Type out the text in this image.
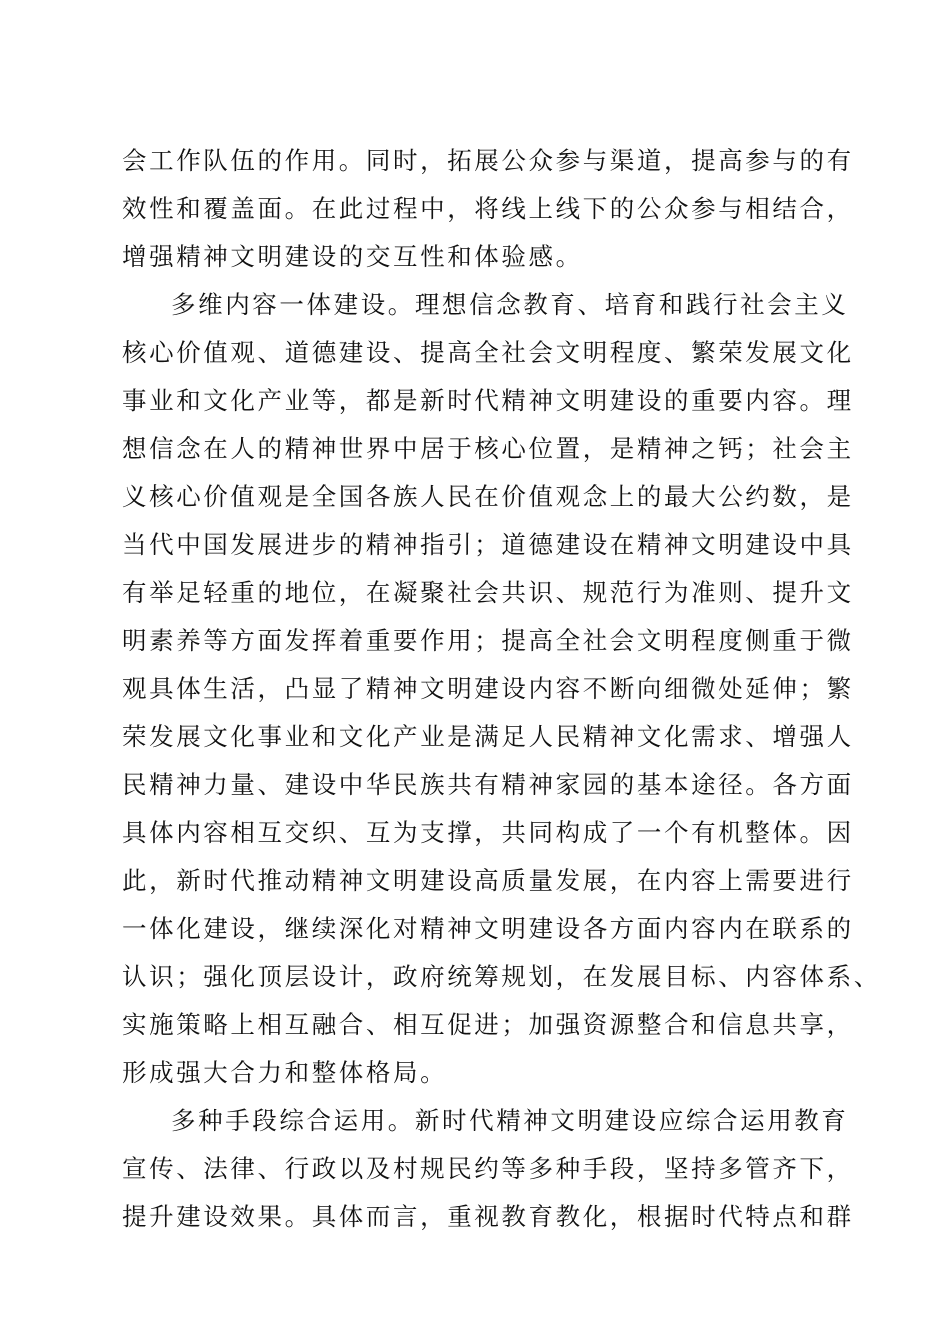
会工作队伍的作用。同时，拓展公众参与渠道，提高参与的有
效性和覆盖面。在此过程中，将线上线下的公众参与相结合，
增强精神文明建设的交互性和体验感。
多维内容一体建设。理想信念教育、培育和践行社会主义
核心价值观、道德建设、提高全社会文明程度、繁荣发展文化
事业和文化产业等，都是新时代精神文明建设的重要内容。理
想信念在人的精神世界中居于核心位置，是精神之钙；社会主
义核心价值观是全国各族人民在价值观念上的最大公约数，是
当代中国发展进步的精神指引；道德建设在精神文明建设中具
有举足轻重的地位，在凝聚社会共识、规范行为准则、提升文
明素养等方面发挥着重要作用；提高全社会文明程度侧重于微
观具体生活，凸显了精神文明建设内容不断向细微处延伸；繁
荣发展文化事业和文化产业是满足人民精神文化需求、增强人
民精神力量、建设中华民族共有精神家园的基本途径。各方面
具体内容相互交织、互为支撑，共同构成了一个有机整体。因
此，新时代推动精神文明建设高质量发展，在内容上需要进行
一体化建设，继续深化对精神文明建设各方面内容内在联系的
认识；强化顶层设计，政府统筹规划，在发展目标、内容体系、
实施策略上相互融合、相互促进；加强资源整合和信息共享，
形成强大合力和整体格局。
多种手段综合运用。新时代精神文明建设应综合运用教育
宣传、法律、行政以及村规民约等多种手段，坚持多管齐下，
提升建设效果。具体而言，重视教育教化，根据时代特点和群
